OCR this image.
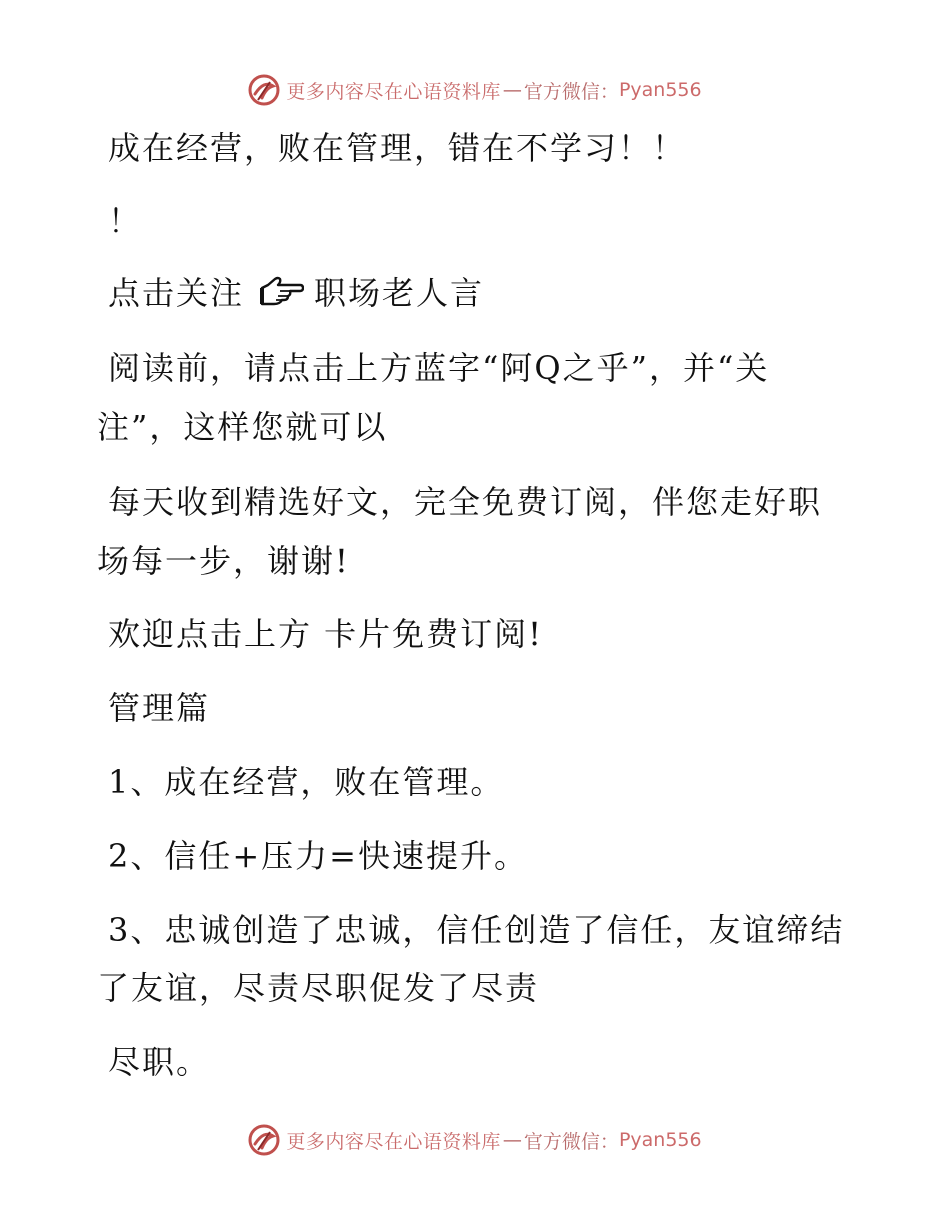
更多内容尽在心语资料库 — 官方微信： Pyan556
成在经营，败在管理，错在不学习！！
！
点击关注 职场老人言
阅读前，请点击上方蓝字“阿Q之乎”，并“关
注”，这样您就可以
每天收到精选好文，完全免费订阅，伴您走好职
场每一步，谢谢!
欢迎点击上方 卡片免费订阅!
管理篇
1、成在经营，败在管理。
2、信任+压力=快速提升。
3、忠诚创造了忠诚，信任创造了信任，友谊缔结
了友谊，尽责尽职促发了尽责
尽职。
更多内容尽在心语资料库 — 官方微信： Pyan556
